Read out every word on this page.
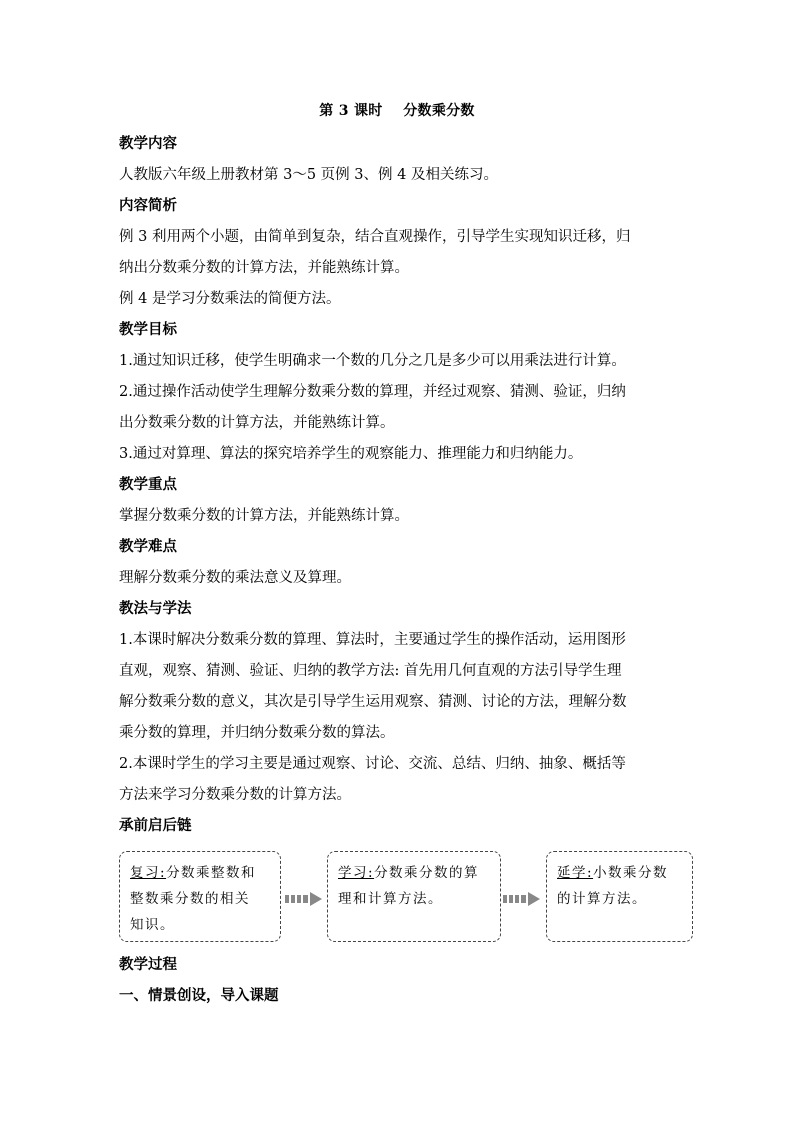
第 3 课时    分数乘分数
教学内容
人教版六年级上册教材第 3～5 页例 3、例 4 及相关练习。
内容简析
例 3 利用两个小题，由简单到复杂，结合直观操作，引导学生实现知识迁移，归
纳出分数乘分数的计算方法，并能熟练计算。
例 4 是学习分数乘法的简便方法。
教学目标
1.通过知识迁移，使学生明确求一个数的几分之几是多少可以用乘法进行计算。
2.通过操作活动使学生理解分数乘分数的算理，并经过观察、猜测、验证，归纳
出分数乘分数的计算方法，并能熟练计算。
3.通过对算理、算法的探究培养学生的观察能力、推理能力和归纳能力。
教学重点
掌握分数乘分数的计算方法，并能熟练计算。
教学难点
理解分数乘分数的乘法意义及算理。
教法与学法
1.本课时解决分数乘分数的算理、算法时，主要通过学生的操作活动，运用图形
直观，观察、猜测、验证、归纳的教学方法: 首先用几何直观的方法引导学生理
解分数乘分数的意义，其次是引导学生运用观察、猜测、讨论的方法，理解分数
乘分数的算理，并归纳分数乘分数的算法。
2.本课时学生的学习主要是通过观察、讨论、交流、总结、归纳、抽象、概括等
方法来学习分数乘分数的计算方法。
承前启后链
复习:分数乘整数和
整数乘分数的相关
知识。
学习:分数乘分数的算
理和计算方法。
延学:小数乘分数
的计算方法。
教学过程
一、情景创设，导入课题
